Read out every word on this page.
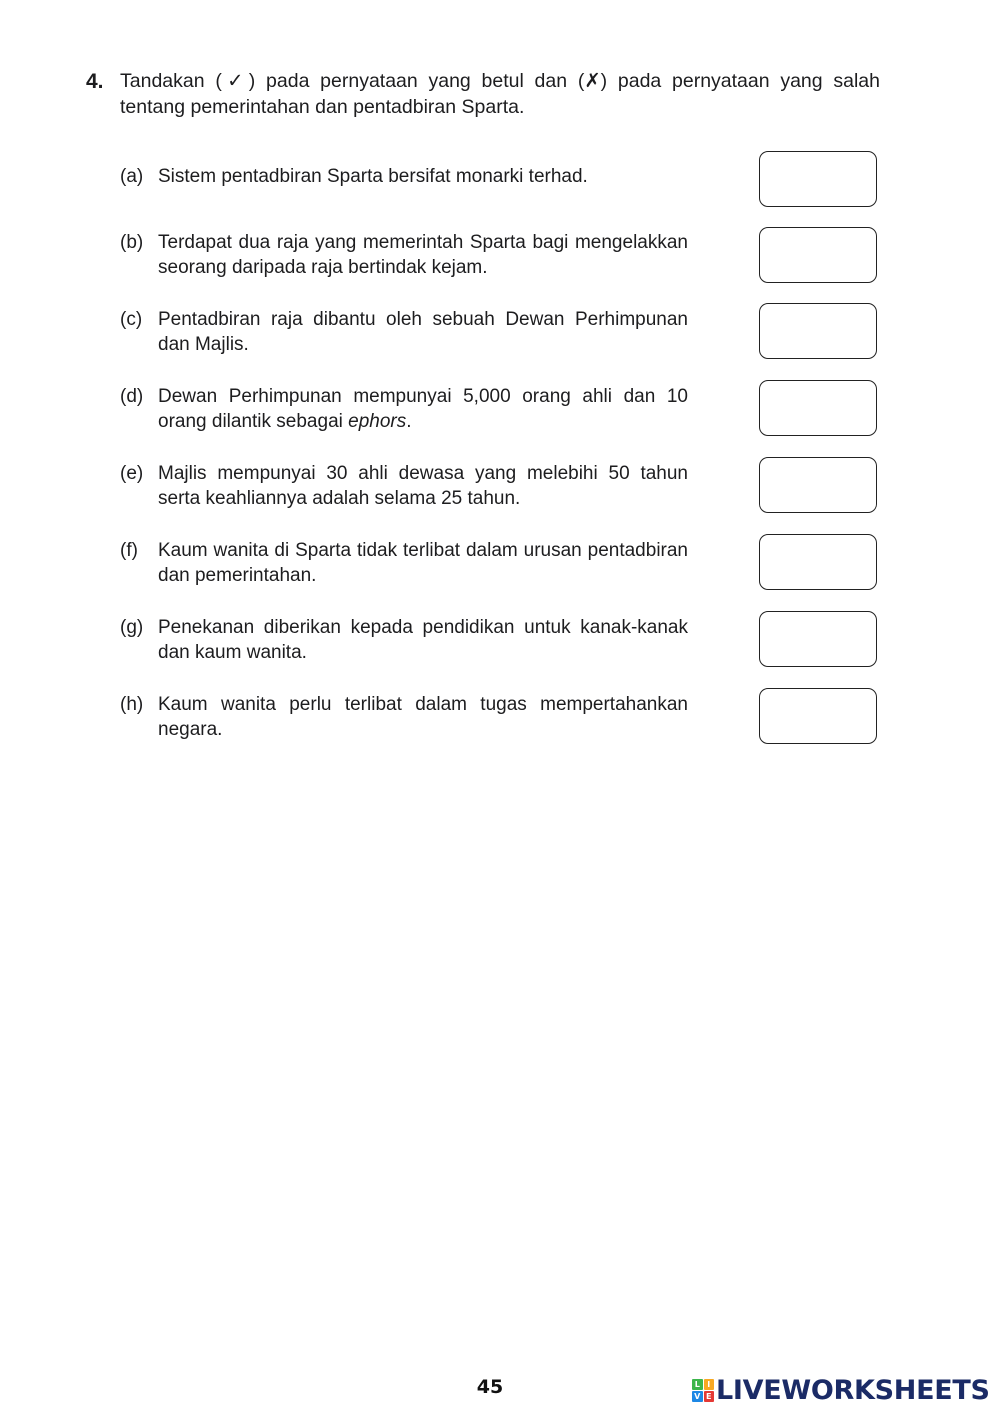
4. Tandakan (✓) pada pernyataan yang betul dan (✗) pada pernyataan yang salah tentang pemerintahan dan pentadbiran Sparta.
(a) Sistem pentadbiran Sparta bersifat monarki terhad.
(b) Terdapat dua raja yang memerintah Sparta bagi mengelakkan seorang daripada raja bertindak kejam.
(c) Pentadbiran raja dibantu oleh sebuah Dewan Perhimpunan dan Majlis.
(d) Dewan Perhimpunan mempunyai 5,000 orang ahli dan 10 orang dilantik sebagai ephors.
(e) Majlis mempunyai 30 ahli dewasa yang melebihi 50 tahun serta keahliannya adalah selama 25 tahun.
(f)	Kaum wanita di Sparta tidak terlibat dalam urusan pentadbiran dan pemerintahan.
(g) Penekanan diberikan kepada pendidikan untuk kanak-kanak dan kaum wanita.
(h) Kaum wanita perlu terlibat dalam tugas mempertahankan negara.
45	L I
V E LIVEWORKSHEETS
